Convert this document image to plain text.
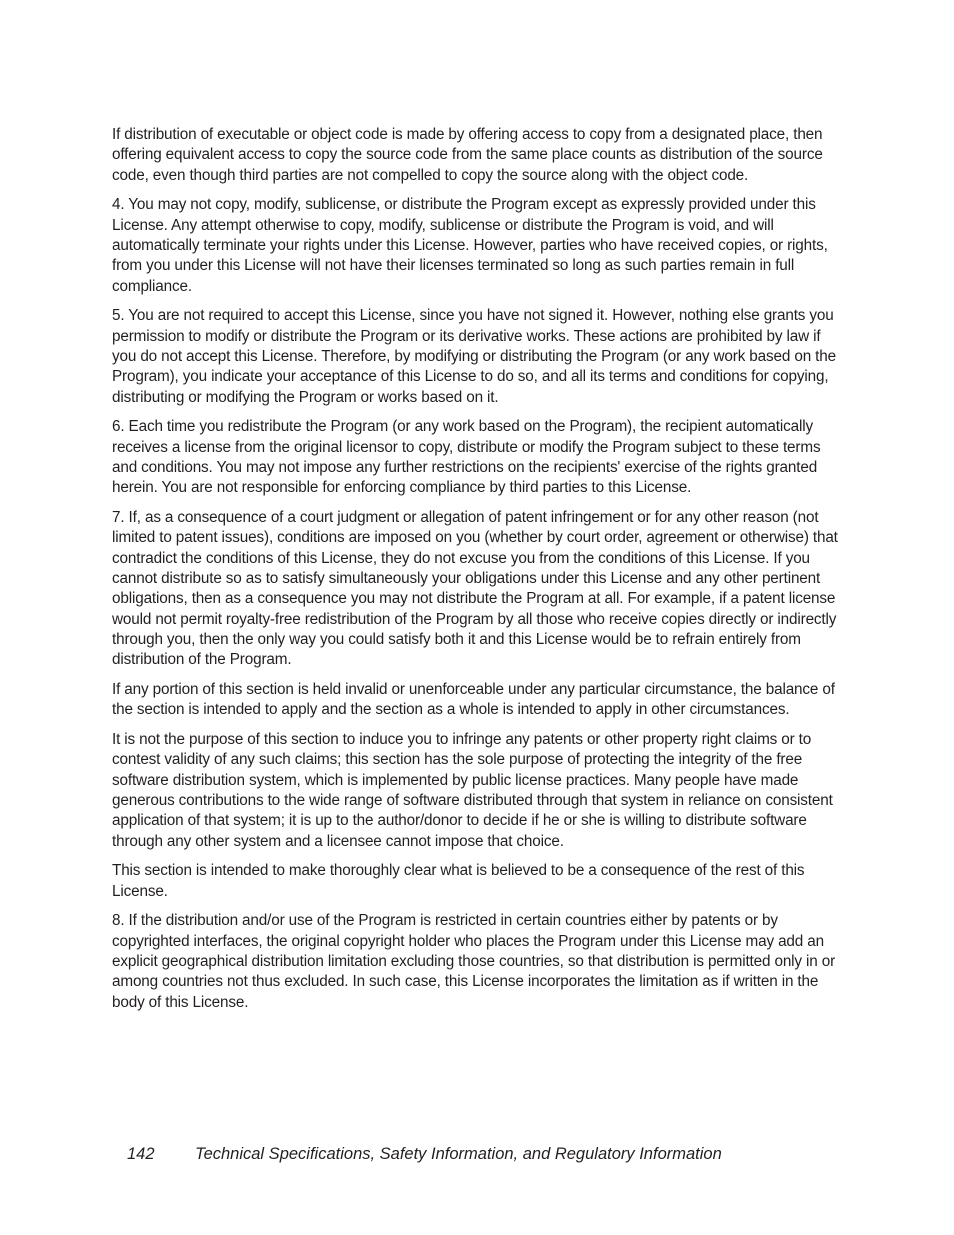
If distribution of executable or object code is made by offering access to copy from a designated place, then offering equivalent access to copy the source code from the same place counts as distribution of the source code, even though third parties are not compelled to copy the source along with the object code.

4. You may not copy, modify, sublicense, or distribute the Program except as expressly provided under this License. Any attempt otherwise to copy, modify, sublicense or distribute the Program is void, and will automatically terminate your rights under this License. However, parties who have received copies, or rights, from you under this License will not have their licenses terminated so long as such parties remain in full compliance.

5. You are not required to accept this License, since you have not signed it. However, nothing else grants you permission to modify or distribute the Program or its derivative works. These actions are prohibited by law if you do not accept this License. Therefore, by modifying or distributing the Program (or any work based on the Program), you indicate your acceptance of this License to do so, and all its terms and conditions for copying, distributing or modifying the Program or works based on it.

6. Each time you redistribute the Program (or any work based on the Program), the recipient automatically receives a license from the original licensor to copy, distribute or modify the Program subject to these terms and conditions. You may not impose any further restrictions on the recipients' exercise of the rights granted herein. You are not responsible for enforcing compliance by third parties to this License.

7. If, as a consequence of a court judgment or allegation of patent infringement or for any other reason (not limited to patent issues), conditions are imposed on you (whether by court order, agreement or otherwise) that contradict the conditions of this License, they do not excuse you from the conditions of this License. If you cannot distribute so as to satisfy simultaneously your obligations under this License and any other pertinent obligations, then as a consequence you may not distribute the Program at all. For example, if a patent license would not permit royalty-free redistribution of the Program by all those who receive copies directly or indirectly through you, then the only way you could satisfy both it and this License would be to refrain entirely from distribution of the Program.

If any portion of this section is held invalid or unenforceable under any particular circumstance, the balance of the section is intended to apply and the section as a whole is intended to apply in other circumstances.

It is not the purpose of this section to induce you to infringe any patents or other property right claims or to contest validity of any such claims; this section has the sole purpose of protecting the integrity of the free software distribution system, which is implemented by public license practices. Many people have made generous contributions to the wide range of software distributed through that system in reliance on consistent application of that system; it is up to the author/donor to decide if he or she is willing to distribute software through any other system and a licensee cannot impose that choice.

This section is intended to make thoroughly clear what is believed to be a consequence of the rest of this License.

8. If the distribution and/or use of the Program is restricted in certain countries either by patents or by copyrighted interfaces, the original copyright holder who places the Program under this License may add an explicit geographical distribution limitation excluding those countries, so that distribution is permitted only in or among countries not thus excluded. In such case, this License incorporates the limitation as if written in the body of this License.

142 Technical Specifications, Safety Information, and Regulatory Information
